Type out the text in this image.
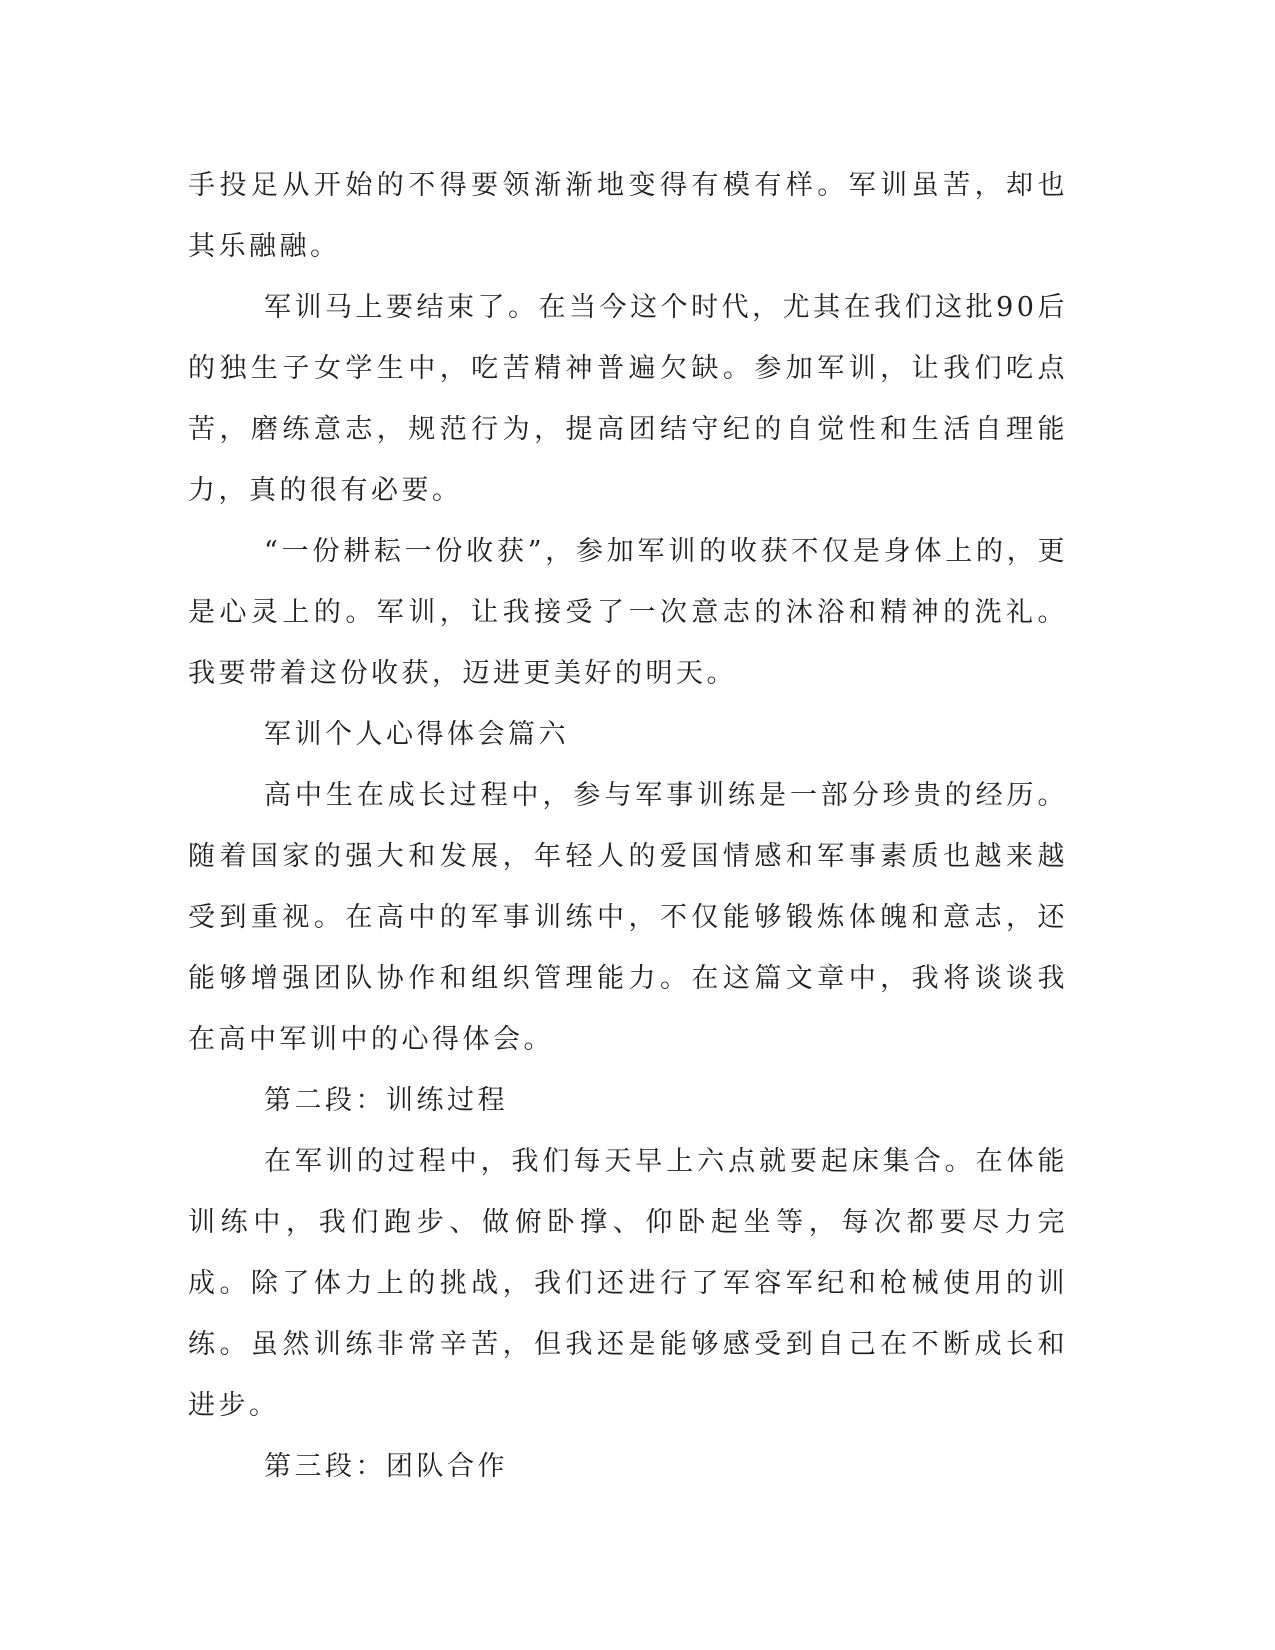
手投足从开始的不得要领渐渐地变得有模有样。军训虽苦，却也其乐融融。

军训马上要结束了。在当今这个时代，尤其在我们这批90后的独生子女学生中，吃苦精神普遍欠缺。参加军训，让我们吃点苦，磨练意志，规范行为，提高团结守纪的自觉性和生活自理能力，真的很有必要。

“一份耕耘一份收获”，参加军训的收获不仅是身体上的，更是心灵上的。军训，让我接受了一次意志的沐浴和精神的洗礼。我要带着这份收获，迈进更美好的明天。

军训个人心得体会篇六

高中生在成长过程中，参与军事训练是一部分珍贵的经历。随着国家的强大和发展，年轻人的爱国情感和军事素质也越来越受到重视。在高中的军事训练中，不仅能够锻炼体魄和意志，还能够增强团队协作和组织管理能力。在这篇文章中，我将谈谈我在高中军训中的心得体会。

第二段：训练过程

在军训的过程中，我们每天早上六点就要起床集合。在体能训练中，我们跑步、做俯卧撑、仰卧起坐等，每次都要尽力完成。除了体力上的挑战，我们还进行了军容军纪和枪械使用的训练。虽然训练非常辛苦，但我还是能够感受到自己在不断成长和进步。

第三段：团队合作
